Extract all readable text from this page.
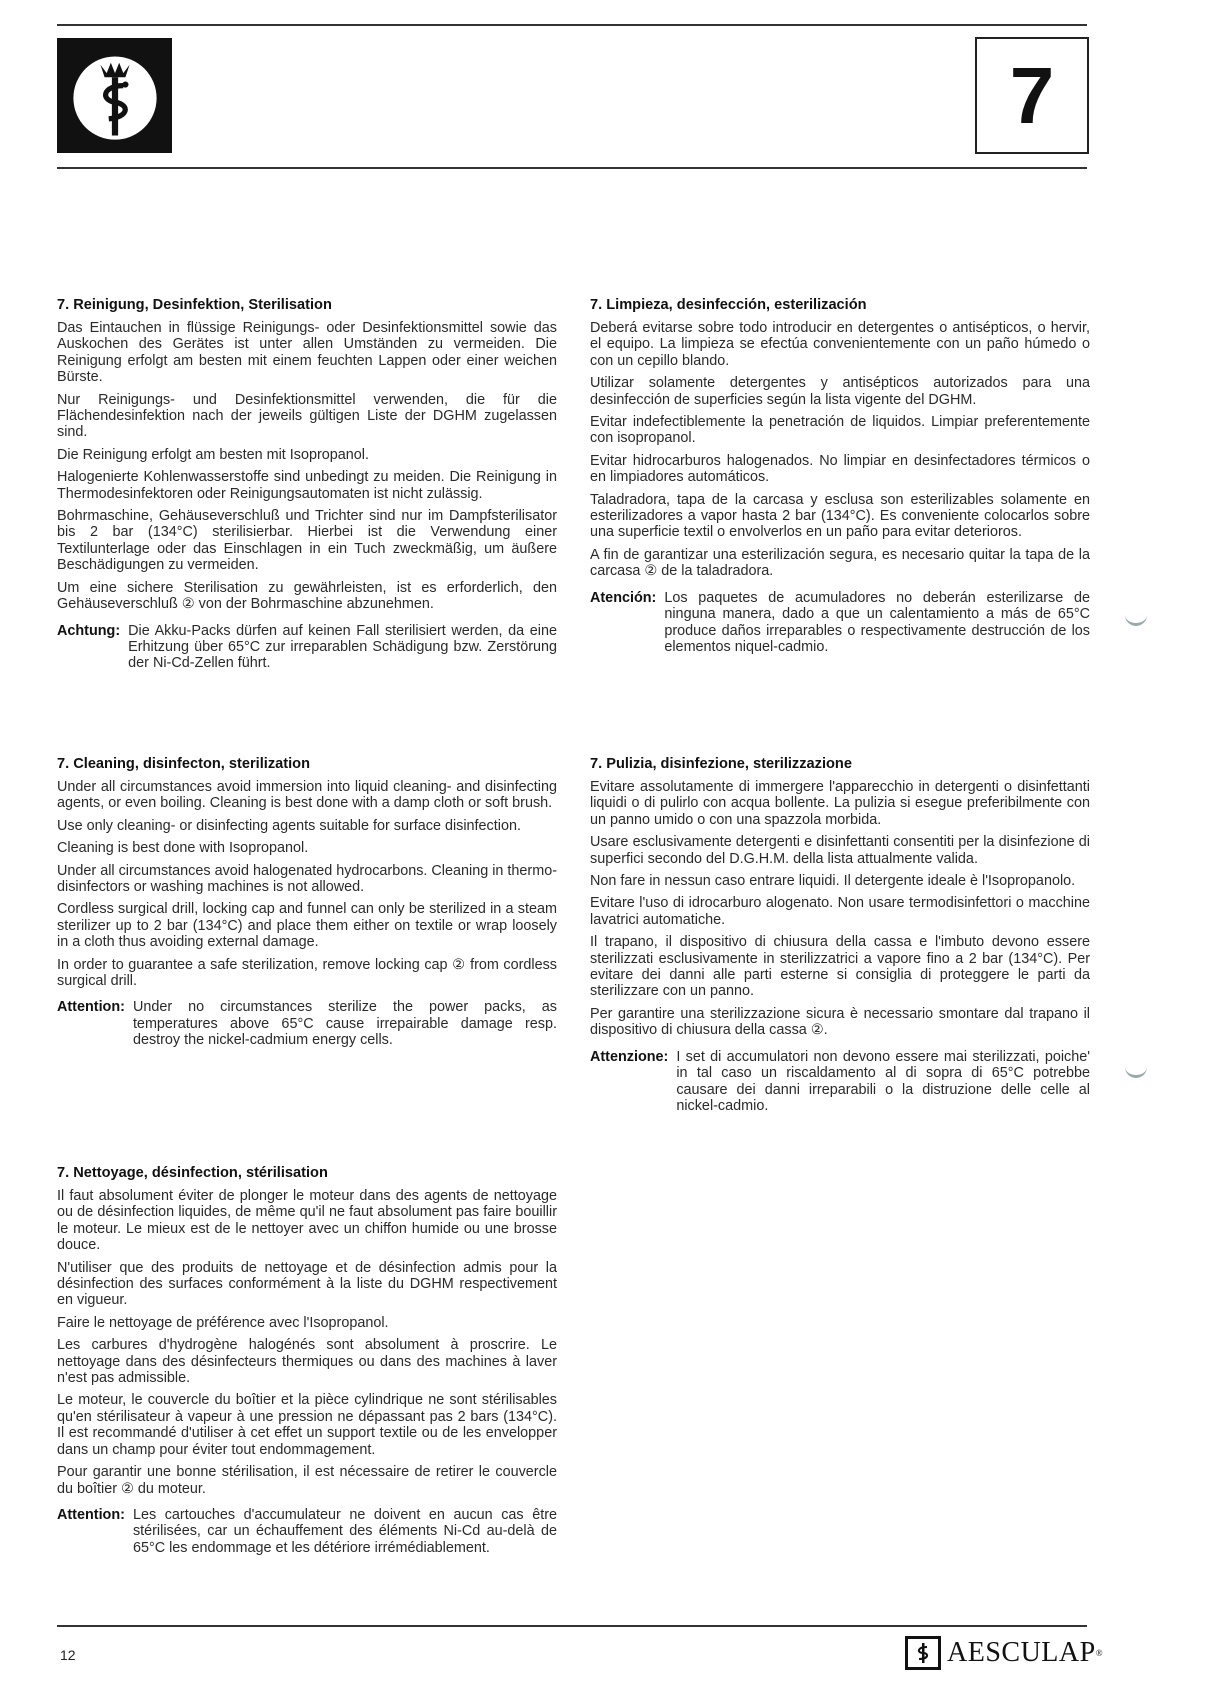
7
7. Reinigung, Desinfektion, Sterilisation

Das Eintauchen in flüssige Reinigungs- oder Desinfektionsmittel sowie das Auskochen des Gerätes ist unter allen Umständen zu vermeiden. Die Reinigung erfolgt am besten mit einem feuchten Lappen oder einer weichen Bürste.

Nur Reinigungs- und Desinfektionsmittel verwenden, die für die Flächendesinfektion nach der jeweils gültigen Liste der DGHM zugelassen sind.

Die Reinigung erfolgt am besten mit Isopropanol.

Halogenierte Kohlenwasserstoffe sind unbedingt zu meiden. Die Reinigung in Thermodesinfektoren oder Reinigungsautomaten ist nicht zulässig.

Bohrmaschine, Gehäuseverschluß und Trichter sind nur im Dampfsterilisator bis 2 bar (134°C) sterilisierbar. Hierbei ist die Verwendung einer Textilunterlage oder das Einschlagen in ein Tuch zweckmäßig, um äußere Beschädigungen zu vermeiden.

Um eine sichere Sterilisation zu gewährleisten, ist es erforderlich, den Gehäuseverschluß ② von der Bohrmaschine abzunehmen.

Achtung: Die Akku-Packs dürfen auf keinen Fall sterilisiert werden, da eine Erhitzung über 65°C zur irreparablen Schädigung bzw. Zerstörung der Ni-Cd-Zellen führt.
7. Limpieza, desinfección, esterilización

Deberá evitarse sobre todo introducir en detergentes o antisépticos, o hervir, el equipo. La limpieza se efectúa convenientemente con un paño húmedo o con un cepillo blando.

Utilizar solamente detergentes y antisépticos autorizados para una desinfección de superficies según la lista vigente del DGHM.

Evitar indefectiblemente la penetración de liquidos. Limpiar preferentemente con isopropanol.

Evitar hidrocarburos halogenados. No limpiar en desinfectadores térmicos o en limpiadores automáticos.

Taladradora, tapa de la carcasa y esclusa son esterilizables solamente en esterilizadores a vapor hasta 2 bar (134°C). Es conveniente colocarlos sobre una superficie textil o envolverlos en un paño para evitar deterioros.

A fin de garantizar una esterilización segura, es necesario quitar la tapa de la carcasa ② de la taladradora.

Atención: Los paquetes de acumuladores no deberán esterilizarse de ninguna manera, dado a que un calentamiento a más de 65°C produce daños irreparables o respectivamente destrucción de los elementos niquel-cadmio.
7. Cleaning, disinfecton, sterilization

Under all circumstances avoid immersion into liquid cleaning- and disinfecting agents, or even boiling. Cleaning is best done with a damp cloth or soft brush.

Use only cleaning- or disinfecting agents suitable for surface disinfection.

Cleaning is best done with Isopropanol.

Under all circumstances avoid halogenated hydrocarbons. Cleaning in thermo-disinfectors or washing machines is not allowed.

Cordless surgical drill, locking cap and funnel can only be sterilized in a steam sterilizer up to 2 bar (134°C) and place them either on textile or wrap loosely in a cloth thus avoiding external damage.

In order to guarantee a safe sterilization, remove locking cap ② from cordless surgical drill.

Attention: Under no circumstances sterilize the power packs, as temperatures above 65°C cause irrepairable damage resp. destroy the nickel-cadmium energy cells.
7. Pulizia, disinfezione, sterilizzazione

Evitare assolutamente di immergere l'apparecchio in detergenti o disinfettanti liquidi o di pulirlo con acqua bollente. La pulizia si esegue preferibilmente con un panno umido o con una spazzola morbida.

Usare esclusivamente detergenti e disinfettanti consentiti per la disinfezione di superfici secondo del D.G.H.M. della lista attualmente valida.

Non fare in nessun caso entrare liquidi. Il detergente ideale è l'Isopropanolo.

Evitare l'uso di idrocarburo alogenato. Non usare termodisinfettori o macchine lavatrici automatiche.

Il trapano, il dispositivo di chiusura della cassa e l'imbuto devono essere sterilizzati esclusivamente in sterilizzatrici a vapore fino a 2 bar (134°C). Per evitare dei danni alle parti esterne si consiglia di proteggere le parti da sterilizzare con un panno.

Per garantire una sterilizzazione sicura è necessario smontare dal trapano il dispositivo di chiusura della cassa ②.

Attenzione: I set di accumulatori non devono essere mai sterilizzati, poiche' in tal caso un riscaldamento al di sopra di 65°C potrebbe causare dei danni irreparabili o la distruzione delle celle al nickel-cadmio.
7. Nettoyage, désinfection, stérilisation

Il faut absolument éviter de plonger le moteur dans des agents de nettoyage ou de désinfection liquides, de même qu'il ne faut absolument pas faire bouillir le moteur. Le mieux est de le nettoyer avec un chiffon humide ou une brosse douce.

N'utiliser que des produits de nettoyage et de désinfection admis pour la désinfection des surfaces conformément à la liste du DGHM respectivement en vigueur.

Faire le nettoyage de préférence avec l'Isopropanol.

Les carbures d'hydrogène halogénés sont absolument à proscrire. Le nettoyage dans des désinfecteurs thermiques ou dans des machines à laver n'est pas admissible.

Le moteur, le couvercle du boîtier et la pièce cylindrique ne sont stérilisables qu'en stérilisateur à vapeur à une pression ne dépassant pas 2 bars (134°C). Il est recommandé d'utiliser à cet effet un support textile ou de les envelopper dans un champ pour éviter tout endommagement.

Pour garantir une bonne stérilisation, il est nécessaire de retirer le couvercle du boîtier ② du moteur.

Attention: Les cartouches d'accumulateur ne doivent en aucun cas être stérilisées, car un échauffement des éléments Ni-Cd au-delà de 65°C les endommage et les détériore irrémédiablement.
12	AESCULAP ®
